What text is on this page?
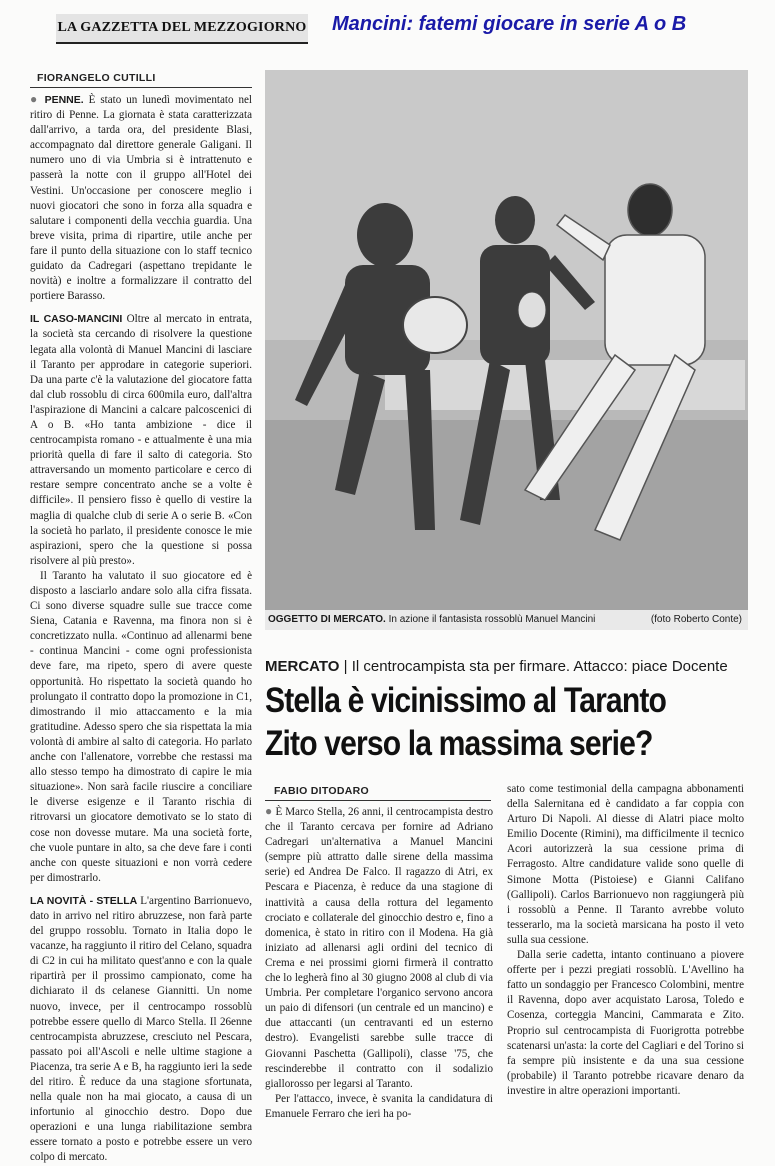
LA GAZZETTA DEL MEZZOGIORNO Mancini: fatemi giocare in serie A o B
FIORANGELO CUTILLI

● PENNE. È stato un lunedì movimentato nel ritiro di Penne. La giornata è stata caratterizzata dall'arrivo, a tarda ora, del presidente Blasi, accompagnato dal direttore generale Galigani. Il numero uno di via Umbria si è intrattenuto e passerà la notte con il gruppo all'Hotel dei Vestini. Un'occasione per conoscere meglio i nuovi giocatori che sono in forza alla squadra e salutare i componenti della vecchia guardia. Una breve visita, prima di ripartire, utile anche per fare il punto della situazione con lo staff tecnico guidato da Cadregari (aspettano trepidante le novità) e inoltre a formalizzare il contratto del portiere Barasso.

IL CASO-MANCINI Oltre al mercato in entrata, la società sta cercando di risolvere la questione legata alla volontà di Manuel Mancini di lasciare il Taranto per approdare in categorie superiori. Da una parte c'è la valutazione del giocatore fatta dal club rossoblu di circa 600mila euro, dall'altra l'aspirazione di Mancini a calcare palcoscenici di A o B. «Ho tanta ambizione - dice il centrocampista romano - e attualmente è una mia priorità quella di fare il salto di categoria. Sto attraversando un momento particolare e cerco di restare sempre concentrato anche se a volte è difficile». Il pensiero fisso è quello di vestire la maglia di qualche club di serie A o serie B. «Con la società ho parlato, il presidente conosce le mie aspirazioni, spero che la questione si possa risolvere al più presto».

Il Taranto ha valutato il suo giocatore ed è disposto a lasciarlo andare solo alla cifra fissata. Ci sono diverse squadre sulle sue tracce come Siena, Catania e Ravenna, ma finora non si è concretizzato nulla. «Continuo ad allenarmi bene - continua Mancini - come ogni professionista deve fare, ma ripeto, spero di avere queste opportunità. Ho rispettato la società quando ho prolungato il contratto dopo la promozione in C1, dimostrando il mio attaccamento e la mia gratitudine. Adesso spero che sia rispettata la mia volontà di ambire al salto di categoria. Ho parlato anche con l'allenatore, vorrebbe che restassi ma allo stesso tempo ha dimostrato di capire le mia situazione». Non sarà facile riuscire a conciliare le diverse esigenze e il Taranto rischia di ritrovarsi un giocatore demotivato se lo stato di cose non dovesse mutare. Ma una società forte, che vuole puntare in alto, sa che deve fare i conti anche con queste situazioni e non vorrà cedere per dimostrarlo.

LA NOVITÀ - STELLA L'argentino Barrionuevo, dato in arrivo nel ritiro abruzzese, non farà parte del gruppo rossoblu. Tornato in Italia dopo le vacanze, ha raggiunto il ritiro del Celano, squadra di C2 in cui ha militato quest'anno e con la quale ripartirà per il prossimo campionato, come ha dichiarato il ds celanese Giannitti. Un nome nuovo, invece, per il centrocampo rossoblù potrebbe essere quello di Marco Stella. Il 26enne centrocampista abruzzese, cresciuto nel Pescara, passato poi all'Ascoli e nelle ultime stagione a Piacenza, tra serie A e B, ha raggiunto ieri la sede del ritiro. È reduce da una stagione sfortunata, nella quale non ha mai giocato, a causa di un infortunio al ginocchio destro. Dopo due operazioni e una lunga riabilitazione sembra essere tornato a posto e potrebbe essere un vero colpo di mercato.

OGGETTO DI MERCATO. In azione il fantasista rossoblù Manuel Mancini	(foto Roberto Conte)
MERCATO | Il centrocampista sta per firmare. Attacco: piace Docente
Stella è vicinissimo al Taranto
Zito verso la massima serie?
FABIO DITODARO

● È Marco Stella, 26 anni, il centrocampista destro che il Taranto cercava per fornire ad Adriano Cadregari un'alternativa a Manuel Mancini (sempre più attratto dalle sirene della massima serie) ed Andrea De Falco. Il ragazzo di Atri, ex Pescara e Piacenza, è reduce da una stagione di inattività a causa della rottura del legamento crociato e collaterale del ginocchio destro e, fino a domenica, è stato in ritiro con il Modena. Ha già iniziato ad allenarsi agli ordini del tecnico di Crema e nei prossimi giorni firmerà il contratto che lo legherà fino al 30 giugno 2008 al club di via Umbria. Per completare l'organico servono ancora un paio di difensori (un centrale ed un mancino) e due attaccanti (un centravanti ed un esterno destro). Evangelisti sarebbe sulle tracce di Giovanni Paschetta (Gallipoli), classe '75, che rescinderebbe il contratto con il sodalizio giallorosso per legarsi al Taranto.

Per l'attacco, invece, è svanita la candidatura di Emanuele Ferraro che ieri ha po-

sato come testimonial della campagna abbonamenti della Salernitana ed è candidato a far coppia con Arturo Di Napoli. Al diesse di Alatri piace molto Emilio Docente (Rimini), ma difficilmente il tecnico Acori autorizzerà la sua cessione prima di Ferragosto. Altre candidature valide sono quelle di Simone Motta (Pistoiese) e Gianni Califano (Gallipoli). Carlos Barrionuevo non raggiungerà più i rossoblù a Penne. Il Taranto avrebbe voluto tesserarlo, ma la società marsicana ha posto il veto sulla sua cessione.

Dalla serie cadetta, intanto continuano a piovere offerte per i pezzi pregiati rossoblù. L'Avellino ha fatto un sondaggio per Francesco Colombini, mentre il Ravenna, dopo aver acquistato Larosa, Toledo e Cosenza, corteggia Mancini, Cammarata e Zito. Proprio sul centrocampista di Fuorigrotta potrebbe scatenarsi un'asta: la corte del Cagliari e del Torino si fa sempre più insistente e da una sua cessione (probabile) il Taranto potrebbe ricavare denaro da investire in altre operazioni importanti.
